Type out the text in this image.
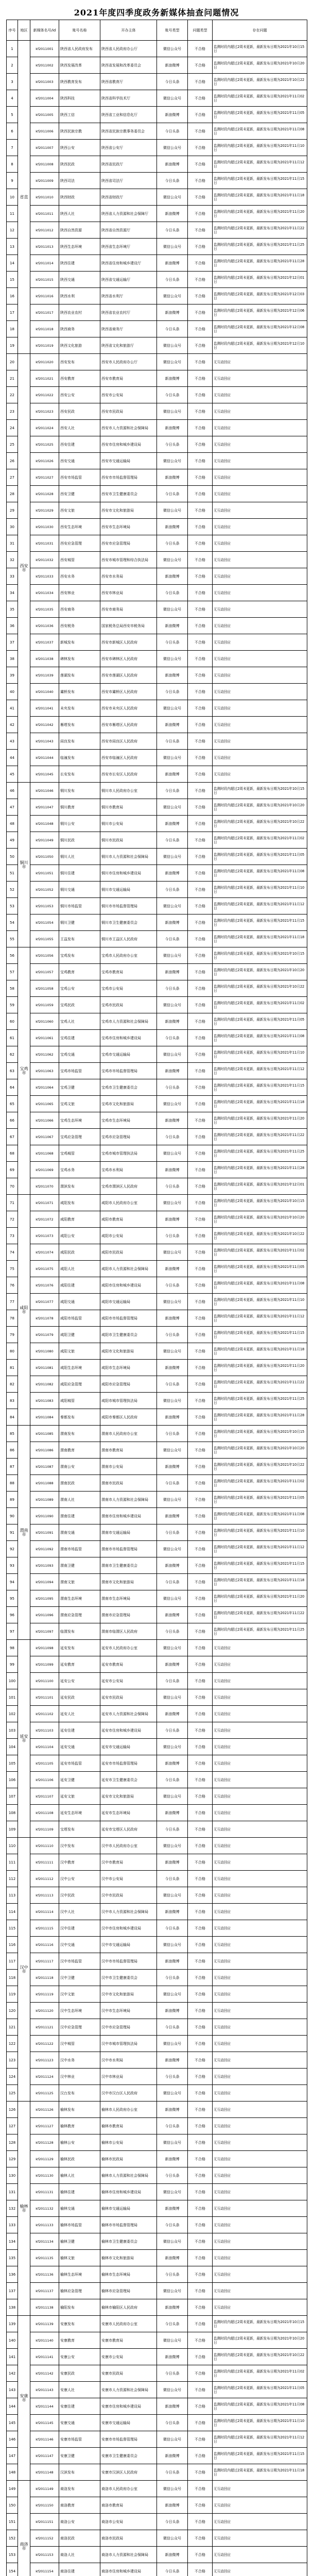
2021年度四季度政务新媒体抽查问题情况
序号	地区	新媒体名号/id	账号名称	开办主体	账号类型	问题类型	存在问题
1	省直	kf2011001	陕西省人民政府发布	陕西省人民政府办公厅	微信公众号	不合格	监测时段内超过2周未更新，最新发布日期为2021年10月15日
2		kf2011002	陕西发展改革	陕西省发展和改革委员会	新浪微博	不合格	监测时段内超过2周未更新，最新发布日期为2021年10月20日
3		kf2011003	陕西教育发布	陕西省教育厅	今日头条	不合格	监测时段内超过2周未更新，最新发布日期为2021年10月22日
4		kf2011004	陕西科技	陕西省科学技术厅	微信公众号	不合格	监测时段内超过2周未更新，最新发布日期为2021年11月02日
5		kf2011005	陕西工信	陕西省工业和信息化厅	新浪微博	不合格	监测时段内超过2周未更新，最新发布日期为2021年11月05日
6		kf2011006	陕西民族宗教	陕西省民族宗教事务委员会	今日头条	不合格	监测时段内超过2周未更新，最新发布日期为2021年11月08日
7		kf2011007	陕西公安	陕西省公安厅	微信公众号	不合格	监测时段内超过2周未更新，最新发布日期为2021年11月10日
8		kf2011008	陕西民政	陕西省民政厅	新浪微博	不合格	监测时段内超过2周未更新，最新发布日期为2021年11月12日
9		kf2011009	陕西司法	陕西省司法厅	今日头条	不合格	监测时段内超过2周未更新，最新发布日期为2021年11月15日
10		kf2011010	陕西财政	陕西省财政厅	微信公众号	不合格	监测时段内超过2周未更新，最新发布日期为2021年11月18日
11		kf2011011	陕西人社	陕西省人力资源和社会保障厅	新浪微博	不合格	监测时段内超过2周未更新，最新发布日期为2021年11月20日
12		kf2011012	陕西自然资源	陕西省自然资源厅	今日头条	不合格	监测时段内超过2周未更新，最新发布日期为2021年11月22日
13		kf2011013	陕西生态环境	陕西省生态环境厅	微信公众号	不合格	监测时段内超过2周未更新，最新发布日期为2021年11月25日
14		kf2011014	陕西住建	陕西省住房和城乡建设厅	新浪微博	不合格	监测时段内超过2周未更新，最新发布日期为2021年11月28日
15		kf2011015	陕西交通	陕西省交通运输厅	今日头条	不合格	监测时段内超过2周未更新，最新发布日期为2021年12月01日
16		kf2011016	陕西水利	陕西省水利厅	微信公众号	不合格	监测时段内超过2周未更新，最新发布日期为2021年12月03日
17		kf2011017	陕西农业农村	陕西省农业农村厅	新浪微博	不合格	监测时段内超过2周未更新，最新发布日期为2021年12月06日
18		kf2011018	陕西商务	陕西省商务厅	今日头条	不合格	监测时段内超过2周未更新，最新发布日期为2021年12月08日
19		kf2011019	陕西文化旅游	陕西省文化和旅游厅	微信公众号	不合格	监测时段内超过2周未更新，最新发布日期为2021年12月10日
20	西安市	kf2011020	西安发布	西安市人民政府办公厅	微信公众号	不合格	无互动回应
21		kf2011021	西安教育	西安市教育局	新浪微博	不合格	无互动回应
22		kf2011022	西安公安	西安市公安局	今日头条	不合格	无互动回应
23		kf2011023	西安民政	西安市民政局	微信公众号	不合格	无互动回应
24		kf2011024	西安人社	西安市人力资源和社会保障局	新浪微博	不合格	无互动回应
25		kf2011025	西安住建	西安市住房和城乡建设局	今日头条	不合格	无互动回应
26		kf2011026	西安交通	西安市交通运输局	微信公众号	不合格	无互动回应
27		kf2011027	西安市场监管	西安市市场监督管理局	新浪微博	不合格	无互动回应
28		kf2011028	西安卫健	西安市卫生健康委员会	今日头条	不合格	无互动回应
29		kf2011029	西安文旅	西安市文化和旅游局	微信公众号	不合格	无互动回应
30		kf2011030	西安生态环境	西安市生态环境局	新浪微博	不合格	无互动回应
31		kf2011031	西安应急管理	西安市应急管理局	今日头条	不合格	无互动回应
32		kf2011032	西安城管	西安市城市管理和综合执法局	微信公众号	不合格	无互动回应
33		kf2011033	西安水务	西安市水务局	新浪微博	不合格	无互动回应
34		kf2011034	西安林业	西安市林业局	今日头条	不合格	无互动回应
35		kf2011035	西安商务	西安市商务局	微信公众号	不合格	无互动回应
36		kf2011036	西安税务	国家税务总局西安市税务局	新浪微博	不合格	无互动回应
37		kf2011037	新城发布	西安市新城区人民政府	今日头条	不合格	无互动回应
38		kf2011038	碑林发布	西安市碑林区人民政府	微信公众号	不合格	无互动回应
39		kf2011039	莲湖发布	西安市莲湖区人民政府	新浪微博	不合格	无互动回应
40		kf2011040	灞桥发布	西安市灞桥区人民政府	今日头条	不合格	无互动回应
41		kf2011041	未央发布	西安市未央区人民政府	微信公众号	不合格	无互动回应
42		kf2011042	雁塔发布	西安市雁塔区人民政府	新浪微博	不合格	无互动回应
43		kf2011043	阎良发布	西安市阎良区人民政府	今日头条	不合格	无互动回应
44		kf2011044	临潼发布	西安市临潼区人民政府	微信公众号	不合格	无互动回应
45		kf2011045	长安发布	西安市长安区人民政府	新浪微博	不合格	无互动回应
46	铜川市	kf2011046	铜川发布	铜川市人民政府办公室	今日头条	不合格	监测时段内超过2周未更新，最新发布日期为2021年10月15日
47		kf2011047	铜川教育	铜川市教育局	微信公众号	不合格	监测时段内超过2周未更新，最新发布日期为2021年10月20日
48		kf2011048	铜川公安	铜川市公安局	新浪微博	不合格	监测时段内超过2周未更新，最新发布日期为2021年10月22日
49		kf2011049	铜川民政	铜川市民政局	今日头条	不合格	监测时段内超过2周未更新，最新发布日期为2021年11月02日
50		kf2011050	铜川人社	铜川市人力资源和社会保障局	微信公众号	不合格	监测时段内超过2周未更新，最新发布日期为2021年11月05日
51		kf2011051	铜川住建	铜川市住房和城乡建设局	新浪微博	不合格	监测时段内超过2周未更新，最新发布日期为2021年11月08日
52		kf2011052	铜川交通	铜川市交通运输局	今日头条	不合格	监测时段内超过2周未更新，最新发布日期为2021年11月10日
53		kf2011053	铜川市场监管	铜川市市场监督管理局	微信公众号	不合格	监测时段内超过2周未更新，最新发布日期为2021年11月12日
54		kf2011054	铜川卫健	铜川市卫生健康委员会	新浪微博	不合格	监测时段内超过2周未更新，最新发布日期为2021年11月15日
55		kf2011055	王益发布	铜川市王益区人民政府	今日头条	不合格	监测时段内超过2周未更新，最新发布日期为2021年11月18日
56	宝鸡市	kf2011056	宝鸡发布	宝鸡市人民政府办公室	微信公众号	不合格	监测时段内超过2周未更新，最新发布日期为2021年10月15日
57		kf2011057	宝鸡教育	宝鸡市教育局	新浪微博	不合格	监测时段内超过2周未更新，最新发布日期为2021年10月20日
58		kf2011058	宝鸡公安	宝鸡市公安局	今日头条	不合格	监测时段内超过2周未更新，最新发布日期为2021年10月22日
59		kf2011059	宝鸡民政	宝鸡市民政局	微信公众号	不合格	监测时段内超过2周未更新，最新发布日期为2021年11月02日
60		kf2011060	宝鸡人社	宝鸡市人力资源和社会保障局	新浪微博	不合格	监测时段内超过2周未更新，最新发布日期为2021年11月05日
61		kf2011061	宝鸡住建	宝鸡市住房和城乡建设局	今日头条	不合格	监测时段内超过2周未更新，最新发布日期为2021年11月08日
62		kf2011062	宝鸡交通	宝鸡市交通运输局	微信公众号	不合格	监测时段内超过2周未更新，最新发布日期为2021年11月10日
63		kf2011063	宝鸡市场监管	宝鸡市市场监督管理局	新浪微博	不合格	监测时段内超过2周未更新，最新发布日期为2021年11月12日
64		kf2011064	宝鸡卫健	宝鸡市卫生健康委员会	今日头条	不合格	监测时段内超过2周未更新，最新发布日期为2021年11月15日
65		kf2011065	宝鸡文旅	宝鸡市文化和旅游局	微信公众号	不合格	监测时段内超过2周未更新，最新发布日期为2021年11月18日
66		kf2011066	宝鸡生态环境	宝鸡市生态环境局	新浪微博	不合格	监测时段内超过2周未更新，最新发布日期为2021年11月20日
67		kf2011067	宝鸡应急管理	宝鸡市应急管理局	今日头条	不合格	监测时段内超过2周未更新，最新发布日期为2021年11月22日
68		kf2011068	宝鸡城管	宝鸡市城市管理执法局	微信公众号	不合格	监测时段内超过2周未更新，最新发布日期为2021年11月25日
69		kf2011069	宝鸡水务	宝鸡市水利局	新浪微博	不合格	监测时段内超过2周未更新，最新发布日期为2021年11月28日
70		kf2011070	渭滨发布	宝鸡市渭滨区人民政府	今日头条	不合格	监测时段内超过2周未更新，最新发布日期为2021年12月01日
71	咸阳市	kf2011071	咸阳发布	咸阳市人民政府办公室	微信公众号	不合格	监测时段内超过2周未更新，最新发布日期为2021年10月15日
72		kf2011072	咸阳教育	咸阳市教育局	新浪微博	不合格	监测时段内超过2周未更新，最新发布日期为2021年10月20日
73		kf2011073	咸阳公安	咸阳市公安局	今日头条	不合格	监测时段内超过2周未更新，最新发布日期为2021年10月22日
74		kf2011074	咸阳民政	咸阳市民政局	微信公众号	不合格	监测时段内超过2周未更新，最新发布日期为2021年11月02日
75		kf2011075	咸阳人社	咸阳市人力资源和社会保障局	新浪微博	不合格	监测时段内超过2周未更新，最新发布日期为2021年11月05日
76		kf2011076	咸阳住建	咸阳市住房和城乡建设局	今日头条	不合格	监测时段内超过2周未更新，最新发布日期为2021年11月08日
77		kf2011077	咸阳交通	咸阳市交通运输局	微信公众号	不合格	监测时段内超过2周未更新，最新发布日期为2021年11月10日
78		kf2011078	咸阳市场监管	咸阳市市场监督管理局	新浪微博	不合格	监测时段内超过2周未更新，最新发布日期为2021年11月12日
79		kf2011079	咸阳卫健	咸阳市卫生健康委员会	今日头条	不合格	监测时段内超过2周未更新，最新发布日期为2021年11月15日
80		kf2011080	咸阳文旅	咸阳市文化和旅游局	微信公众号	不合格	监测时段内超过2周未更新，最新发布日期为2021年11月18日
81		kf2011081	咸阳生态环境	咸阳市生态环境局	新浪微博	不合格	监测时段内超过2周未更新，最新发布日期为2021年11月20日
82		kf2011082	咸阳应急管理	咸阳市应急管理局	今日头条	不合格	监测时段内超过2周未更新，最新发布日期为2021年11月22日
83		kf2011083	咸阳城管	咸阳市城市管理执法局	微信公众号	不合格	监测时段内超过2周未更新，最新发布日期为2021年11月25日
84		kf2011084	秦都发布	咸阳市秦都区人民政府	新浪微博	不合格	监测时段内超过2周未更新，最新发布日期为2021年11月28日
85	渭南市	kf2011085	渭南发布	渭南市人民政府办公室	今日头条	不合格	监测时段内超过2周未更新，最新发布日期为2021年10月15日
86		kf2011086	渭南教育	渭南市教育局	微信公众号	不合格	监测时段内超过2周未更新，最新发布日期为2021年10月20日
87		kf2011087	渭南公安	渭南市公安局	新浪微博	不合格	监测时段内超过2周未更新，最新发布日期为2021年10月22日
88		kf2011088	渭南民政	渭南市民政局	今日头条	不合格	监测时段内超过2周未更新，最新发布日期为2021年11月02日
89		kf2011089	渭南人社	渭南市人力资源和社会保障局	微信公众号	不合格	监测时段内超过2周未更新，最新发布日期为2021年11月05日
90		kf2011090	渭南住建	渭南市住房和城乡建设局	新浪微博	不合格	监测时段内超过2周未更新，最新发布日期为2021年11月08日
91		kf2011091	渭南交通	渭南市交通运输局	今日头条	不合格	监测时段内超过2周未更新，最新发布日期为2021年11月10日
92		kf2011092	渭南市场监管	渭南市市场监督管理局	微信公众号	不合格	监测时段内超过2周未更新，最新发布日期为2021年11月12日
93		kf2011093	渭南卫健	渭南市卫生健康委员会	新浪微博	不合格	监测时段内超过2周未更新，最新发布日期为2021年11月15日
94		kf2011094	渭南文旅	渭南市文化和旅游局	今日头条	不合格	监测时段内超过2周未更新，最新发布日期为2021年11月18日
95		kf2011095	渭南生态环境	渭南市生态环境局	微信公众号	不合格	监测时段内超过2周未更新，最新发布日期为2021年11月20日
96		kf2011096	渭南应急管理	渭南市应急管理局	新浪微博	不合格	监测时段内超过2周未更新，最新发布日期为2021年11月22日
97		kf2011097	临渭发布	渭南市临渭区人民政府	今日头条	不合格	监测时段内超过2周未更新，最新发布日期为2021年11月25日
98	延安市	kf2011098	延安发布	延安市人民政府办公室	微信公众号	不合格	无互动回应
99		kf2011099	延安教育	延安市教育局	新浪微博	不合格	无互动回应
100		kf2011100	延安公安	延安市公安局	今日头条	不合格	无互动回应
101		kf2011101	延安民政	延安市民政局	微信公众号	不合格	无互动回应
102		kf2011102	延安人社	延安市人力资源和社会保障局	新浪微博	不合格	无互动回应
103		kf2011103	延安住建	延安市住房和城乡建设局	今日头条	不合格	无互动回应
104		kf2011104	延安交通	延安市交通运输局	微信公众号	不合格	无互动回应
105		kf2011105	延安市场监管	延安市市场监督管理局	新浪微博	不合格	无互动回应
106		kf2011106	延安卫健	延安市卫生健康委员会	今日头条	不合格	无互动回应
107		kf2011107	延安文旅	延安市文化和旅游局	微信公众号	不合格	无互动回应
108		kf2011108	延安生态环境	延安市生态环境局	新浪微博	不合格	无互动回应
109		kf2011109	宝塔发布	延安市宝塔区人民政府	今日头条	不合格	无互动回应
110	汉中市	kf2011110	汉中发布	汉中市人民政府办公室	微信公众号	不合格	无互动回应
111		kf2011111	汉中教育	汉中市教育局	新浪微博	不合格	无互动回应
112		kf2011112	汉中公安	汉中市公安局	今日头条	不合格	无互动回应
113		kf2011113	汉中民政	汉中市民政局	微信公众号	不合格	无互动回应
114		kf2011114	汉中人社	汉中市人力资源和社会保障局	新浪微博	不合格	无互动回应
115		kf2011115	汉中住建	汉中市住房和城乡建设局	今日头条	不合格	无互动回应
116		kf2011116	汉中交通	汉中市交通运输局	微信公众号	不合格	无互动回应
117		kf2011117	汉中市场监管	汉中市市场监督管理局	新浪微博	不合格	无互动回应
118		kf2011118	汉中卫健	汉中市卫生健康委员会	今日头条	不合格	无互动回应
119		kf2011119	汉中文旅	汉中市文化和旅游局	微信公众号	不合格	无互动回应
120		kf2011120	汉中生态环境	汉中市生态环境局	新浪微博	不合格	无互动回应
121		kf2011121	汉中应急管理	汉中市应急管理局	今日头条	不合格	无互动回应
122		kf2011122	汉中城管	汉中市城市管理执法局	微信公众号	不合格	无互动回应
123		kf2011123	汉中水务	汉中市水利局	新浪微博	不合格	无互动回应
124		kf2011124	汉中林业	汉中市林业局	今日头条	不合格	无互动回应
125		kf2011125	汉台发布	汉中市汉台区人民政府	微信公众号	不合格	无互动回应
126	榆林市	kf2011126	榆林发布	榆林市人民政府办公室	新浪微博	不合格	无互动回应
127		kf2011127	榆林教育	榆林市教育局	今日头条	不合格	无互动回应
128		kf2011128	榆林公安	榆林市公安局	微信公众号	不合格	无互动回应
129		kf2011129	榆林民政	榆林市民政局	新浪微博	不合格	无互动回应
130		kf2011130	榆林人社	榆林市人力资源和社会保障局	今日头条	不合格	无互动回应
131		kf2011131	榆林住建	榆林市住房和城乡建设局	微信公众号	不合格	无互动回应
132		kf2011132	榆林交通	榆林市交通运输局	新浪微博	不合格	无互动回应
133		kf2011133	榆林市场监管	榆林市市场监督管理局	今日头条	不合格	无互动回应
134		kf2011134	榆林卫健	榆林市卫生健康委员会	微信公众号	不合格	无互动回应
135		kf2011135	榆林文旅	榆林市文化和旅游局	新浪微博	不合格	无互动回应
136		kf2011136	榆林生态环境	榆林市生态环境局	今日头条	不合格	无互动回应
137		kf2011137	榆林应急管理	榆林市应急管理局	微信公众号	不合格	无互动回应
138		kf2011138	榆阳发布	榆林市榆阳区人民政府	新浪微博	不合格	无互动回应
139	安康市	kf2011139	安康发布	安康市人民政府办公室	今日头条	不合格	监测时段内超过2周未更新，最新发布日期为2021年10月15日
140		kf2011140	安康教育	安康市教育局	微信公众号	不合格	监测时段内超过2周未更新，最新发布日期为2021年10月20日
141		kf2011141	安康公安	安康市公安局	新浪微博	不合格	监测时段内超过2周未更新，最新发布日期为2021年10月22日
142		kf2011142	安康民政	安康市民政局	今日头条	不合格	监测时段内超过2周未更新，最新发布日期为2021年11月02日
143		kf2011143	安康人社	安康市人力资源和社会保障局	微信公众号	不合格	监测时段内超过2周未更新，最新发布日期为2021年11月05日
144		kf2011144	安康住建	安康市住房和城乡建设局	新浪微博	不合格	监测时段内超过2周未更新，最新发布日期为2021年11月08日
145		kf2011145	安康交通	安康市交通运输局	今日头条	不合格	监测时段内超过2周未更新，最新发布日期为2021年11月10日
146		kf2011146	安康市场监管	安康市市场监督管理局	微信公众号	不合格	监测时段内超过2周未更新，最新发布日期为2021年11月12日
147		kf2011147	安康卫健	安康市卫生健康委员会	新浪微博	不合格	监测时段内超过2周未更新，最新发布日期为2021年11月15日
148		kf2011148	汉滨发布	安康市汉滨区人民政府	今日头条	不合格	监测时段内超过2周未更新，最新发布日期为2021年11月18日
149	商洛市	kf2011149	商洛发布	商洛市人民政府办公室	微信公众号	不合格	无互动回应
150		kf2011150	商洛教育	商洛市教育局	新浪微博	不合格	无互动回应
151		kf2011151	商洛公安	商洛市公安局	今日头条	不合格	无互动回应
152		kf2011152	商洛民政	商洛市民政局	微信公众号	不合格	无互动回应
153		kf2011153	商洛人社	商洛市人力资源和社会保障局	新浪微博	不合格	无互动回应
154		kf2011154	商洛住建	商洛市住房和城乡建设局	今日头条	不合格	无互动回应
